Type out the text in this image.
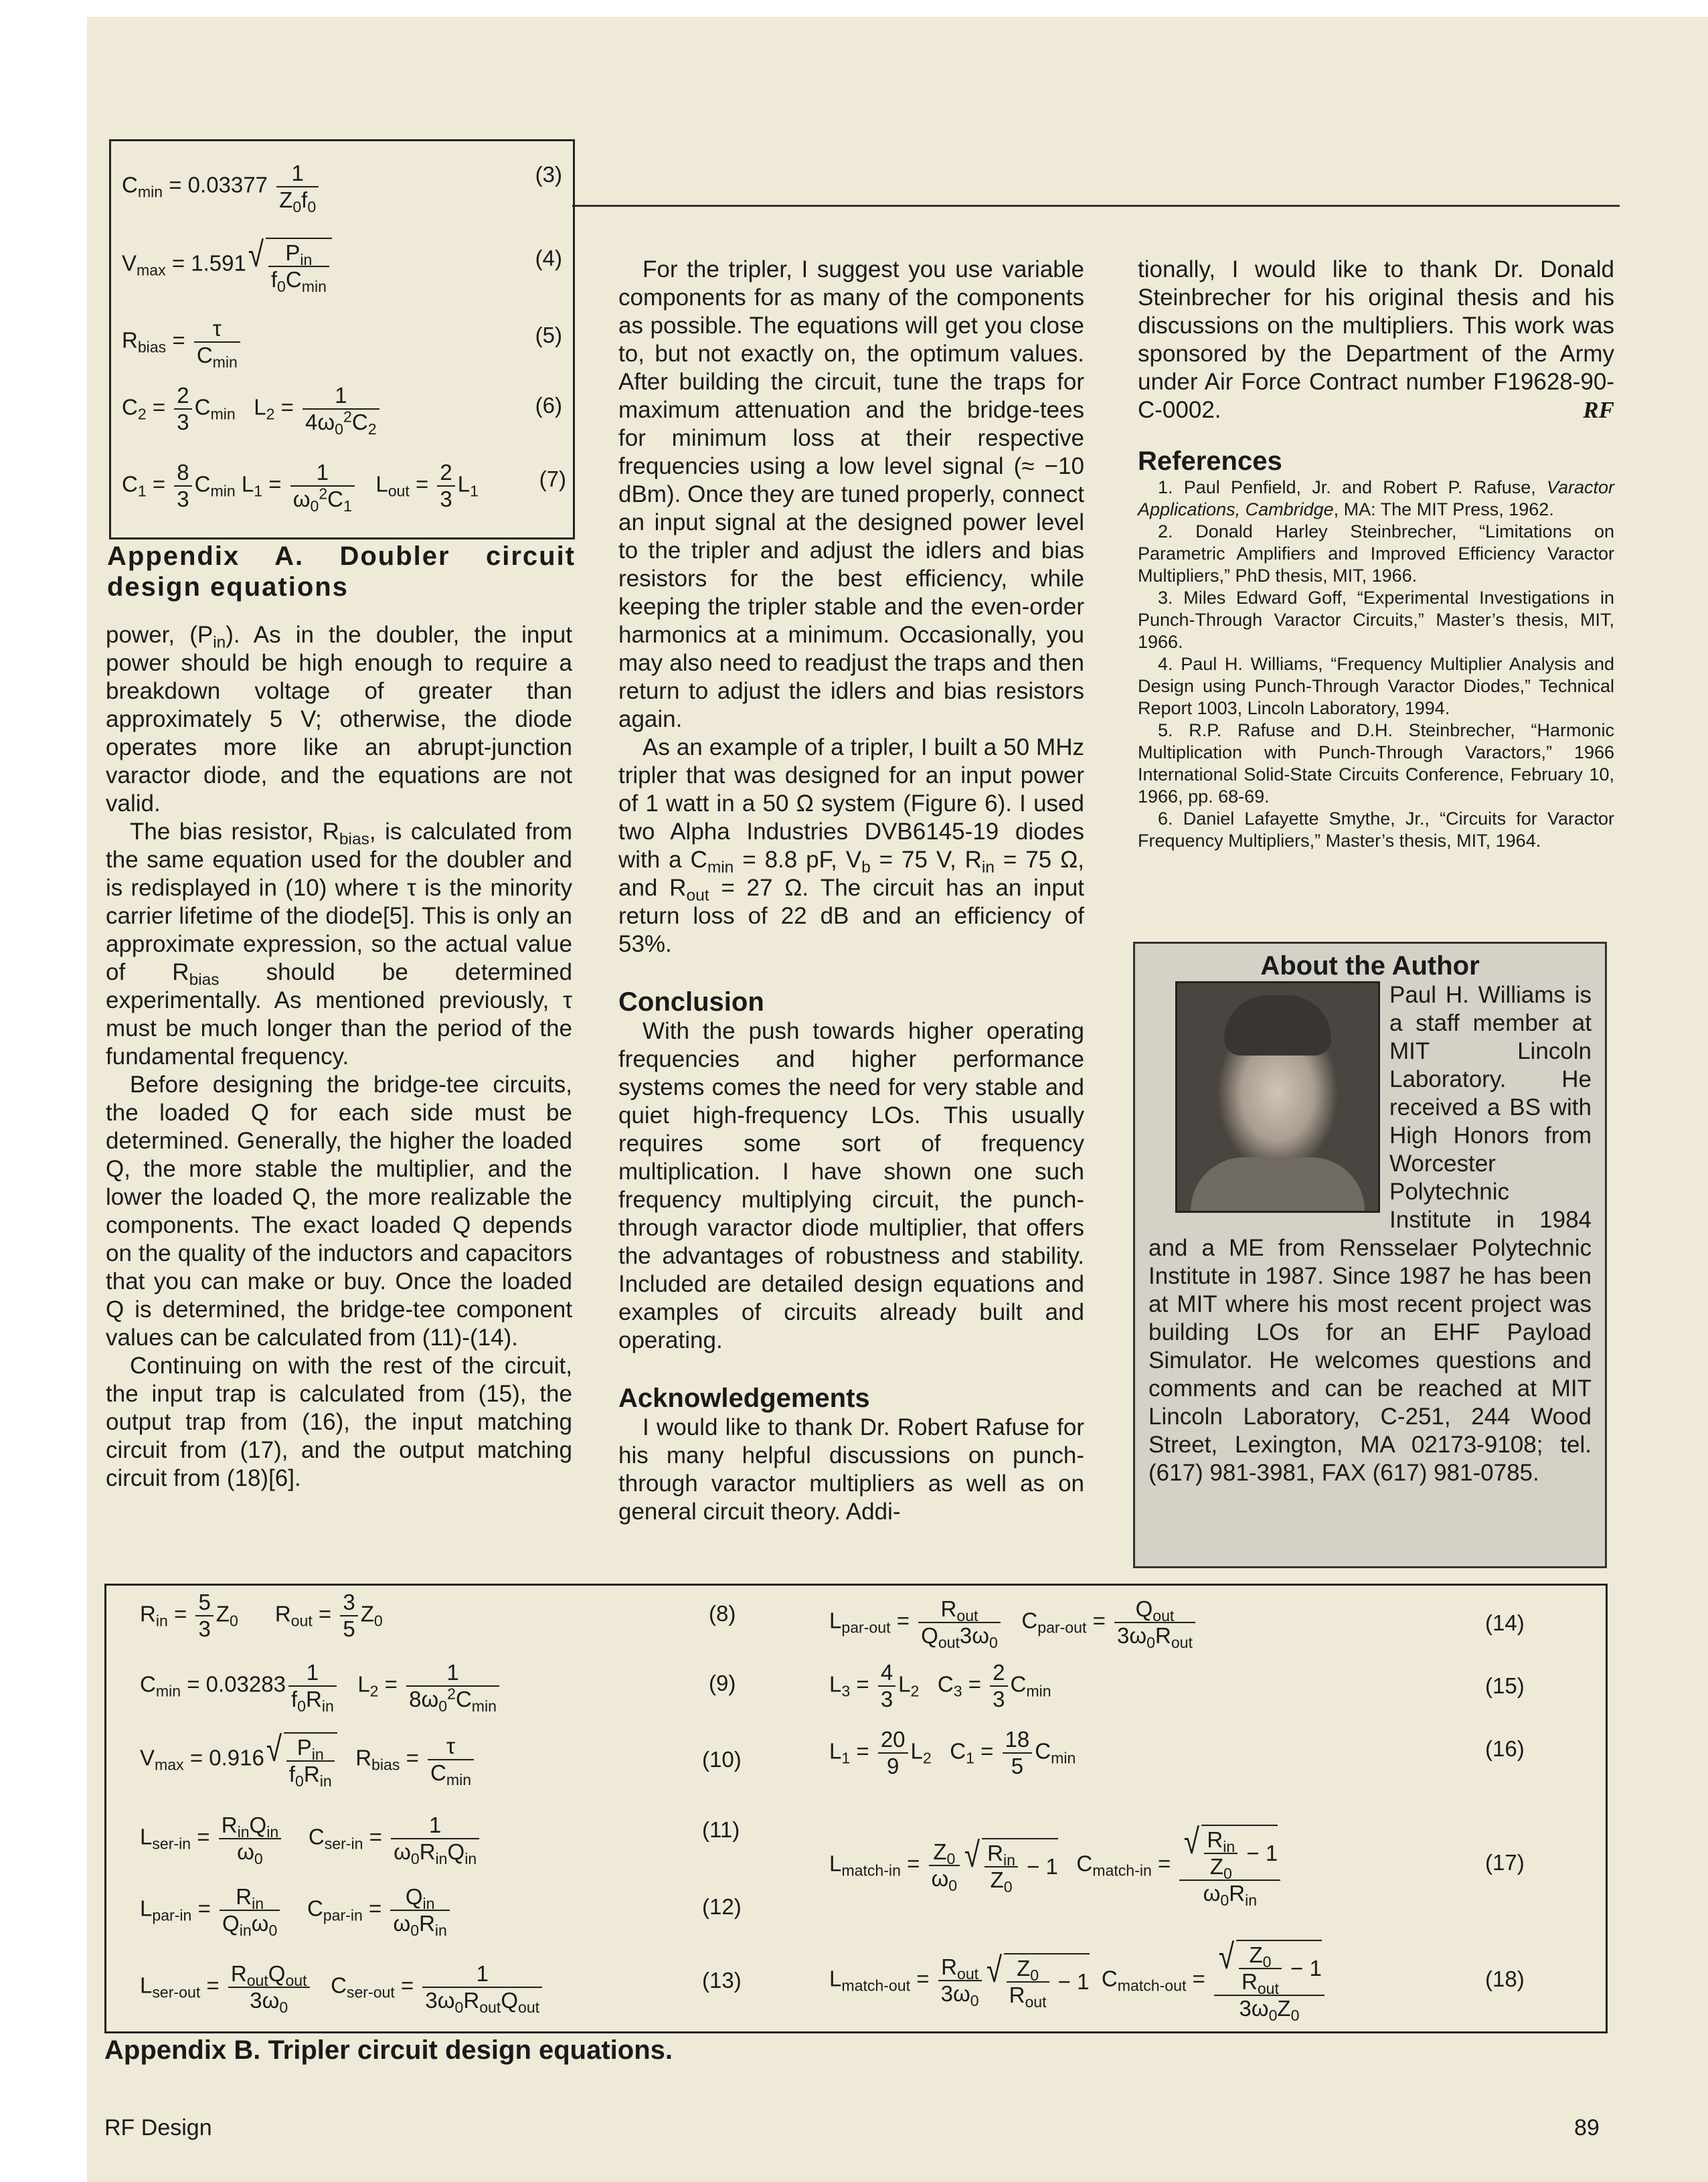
$C_{min} = 0.03377 \frac{1}{Z_0f_0}$	(3)
$V_{max} = 1.591$ √ $P_{in}$
$f_0C_{min}$
(4)
$R_{bias} = \tau$
$C_{min}$
(5)
$C_2 = \frac{2}{3} C_{min}$   $L_2 = \frac{1}{4\omega_0^2C_2}$	(6)
$C_1 = \frac{8}{3} C_{min}$ $L_1 = \frac{1}{\omega_0^2C_1} L_{out} = \frac{2}{3} L_1$	(7)
Appendix A. Doubler circuit design equations

power, $(P_{in})$. As in the doubler, the input power should be high enough to require a breakdown voltage of greater than approximately 5 V; otherwise, the diode operates more like an abrupt-junction varactor diode, and the equations are not valid.

The bias resistor, $R_{bias}$, is calculated from the same equation used for the doubler and is redisplayed in (10) where τ is the minority carrier lifetime of the diode[5]. This is only an approximate expression, so the actual value of $R_{bias}$ should be determined experimentally. As mentioned previously, τ must be much longer than the period of the fundamental frequency.

Before designing the bridge-tee circuits, the loaded Q for each side must be determined. Generally, the higher the loaded Q, the more stable the multiplier, and the lower the loaded Q, the more realizable the components. The exact loaded Q depends on the quality of the inductors and capacitors that you can make or buy. Once the loaded Q is determined, the bridge-tee component values can be calculated from (11)-(14).

Continuing on with the rest of the circuit, the input trap is calculated from (15), the output trap from (16), the input matching circuit from (17), and the output matching circuit from (18)[6].

For the tripler, I suggest you use variable components for as many of the components as possible. The equations will get you close to, but not exactly on, the optimum values. After building the circuit, tune the traps for maximum attenuation and the bridge-tees for minimum loss at their respective frequencies using a low level signal (≈ −10 dBm). Once they are tuned properly, connect an input signal at the designed power level to the tripler and adjust the idlers and bias resistors for the best efficiency, while keeping the tripler stable and the even-order harmonics at a minimum. Occasionally, you may also need to readjust the traps and then return to adjust the idlers and bias resistors again.

As an example of a tripler, I built a 50 MHz tripler that was designed for an input power of 1 watt in a 50 Ω system (Figure 6). I used two Alpha Industries DVB6145-19 diodes with a $C_{min} = 8.8$ pF, $V_b = 75$ V, $R_{in} = 75$ Ω, and $R_{out} = 27$ Ω. The circuit has an input return loss of 22 dB and an efficiency of 53%.

Conclusion

With the push towards higher operating frequencies and higher performance systems comes the need for very stable and quiet high-frequency LOs. This usually requires some sort of frequency multiplication. I have shown one such frequency multiplying circuit, the punch-through varactor diode multiplier, that offers the advantages of robustness and stability. Included are detailed design equations and examples of circuits already built and operating.

Acknowledgements

I would like to thank Dr. Robert Rafuse for his many helpful discussions on punch-through varactor multipliers as well as on general circuit theory. Addi-

tionally, I would like to thank Dr. Donald Steinbrecher for his original thesis and his discussions on the multipliers. This work was sponsored by the Department of the Army under Air Force Contract number F19628-90-C-0002.	RF

References

1. Paul Penfield, Jr. and Robert P. Rafuse, Varactor Applications, Cambridge, MA: The MIT Press, 1962.

2. Donald Harley Steinbrecher, “Limitations on Parametric Amplifiers and Improved Efficiency Varactor Multipliers,” PhD thesis, MIT, 1966.

3. Miles Edward Goff, “Experimental Investigations in Punch-Through Varactor Circuits,” Master’s thesis, MIT, 1966.

4. Paul H. Williams, “Frequency Multiplier Analysis and Design using Punch-Through Varactor Diodes,” Technical Report 1003, Lincoln Laboratory, 1994.

5. R.P. Rafuse and D.H. Steinbrecher, “Harmonic Multiplication with Punch-Through Varactors,” 1966 International Solid-State Circuits Conference, February 10, 1966, pp. 68-69.

6. Daniel Lafayette Smythe, Jr., “Circuits for Varactor Frequency Multipliers,” Master’s thesis, MIT, 1964.

About the Author
Paul H. Williams is a staff member at MIT Lincoln Laboratory. He received a BS with High Honors from Worcester Polytechnic Institute in 1984 and a ME from Rensselaer Polytechnic Institute in 1987. Since 1987 he has been at MIT where his most recent project was building LOs for an EHF Payload Simulator. He welcomes questions and comments and can be reached at MIT Lincoln Laboratory, C-251, 244 Wood Street, Lexington, MA 02173-9108; tel. (617) 981-3981, FAX (617) 981-0785.
$R_{in} = \frac{5}{3} Z_0$      $R_{out} = \frac{3}{5} Z_0$	(8)
$C_{min} = 0.03283$ 1
$f_0R_{in}$
$L_2$ =	1
$8\omega_0^2C_{min}$
(9)
$V_{max} = 0.916$ √ $P_{in}$
$f_0R_{in}$
$R_{bias} = \tau$
$C_{min}$
(10)
$L_{ser-in} = R_{in}Q_{in}$
$\omega_0$
$C_{ser-in}$ =	1
$\omega_0R_{in}Q_{in}$
(11)
$L_{par-in} = R_{in}$
$Q_{in}\omega_0$
$C_{par-in} = Q_{in}$
$\omega_0R_{in}$
(12)
$L_{ser-out} = R_{out}Q_{out}$
$3\omega_0$
$C_{ser-out}$ =	1
$3\omega_0R_{out}Q_{out}$
(13)
$L_{par-out}$ =	$R_{out}$
$Q_{out}3\omega_0$
$C_{par-out}$ =	$Q_{out}$
$3\omega_0R_{out}$
(14)
$L_3 = \frac{4}{3} L_2$   $C_3 = \frac{2}{3} C_{min}$	(15)
$L_1 = \frac{20}{9} L_2$   $C_1 = \frac{18}{5} C_{min}$	(16)
$L_{match-in} = \frac{Z_0}{\omega_0}$ √ $R_{in}$
$Z_0$
− 1 $C_{match-in}$ =
√ $R_{in}$
$Z_0$
− 1
$\omega_0R_{in}$
(17)
$L_{match-out} = R_{out}$
$3\omega_0$
√ $Z_0$
$R_{out}$
− 1 $C_{match-out}$ =
√ $Z_0$
$R_{out}$
− 1
$3\omega_0Z_0$
(18)
Appendix B. Tripler circuit design equations.
RF Design	89
